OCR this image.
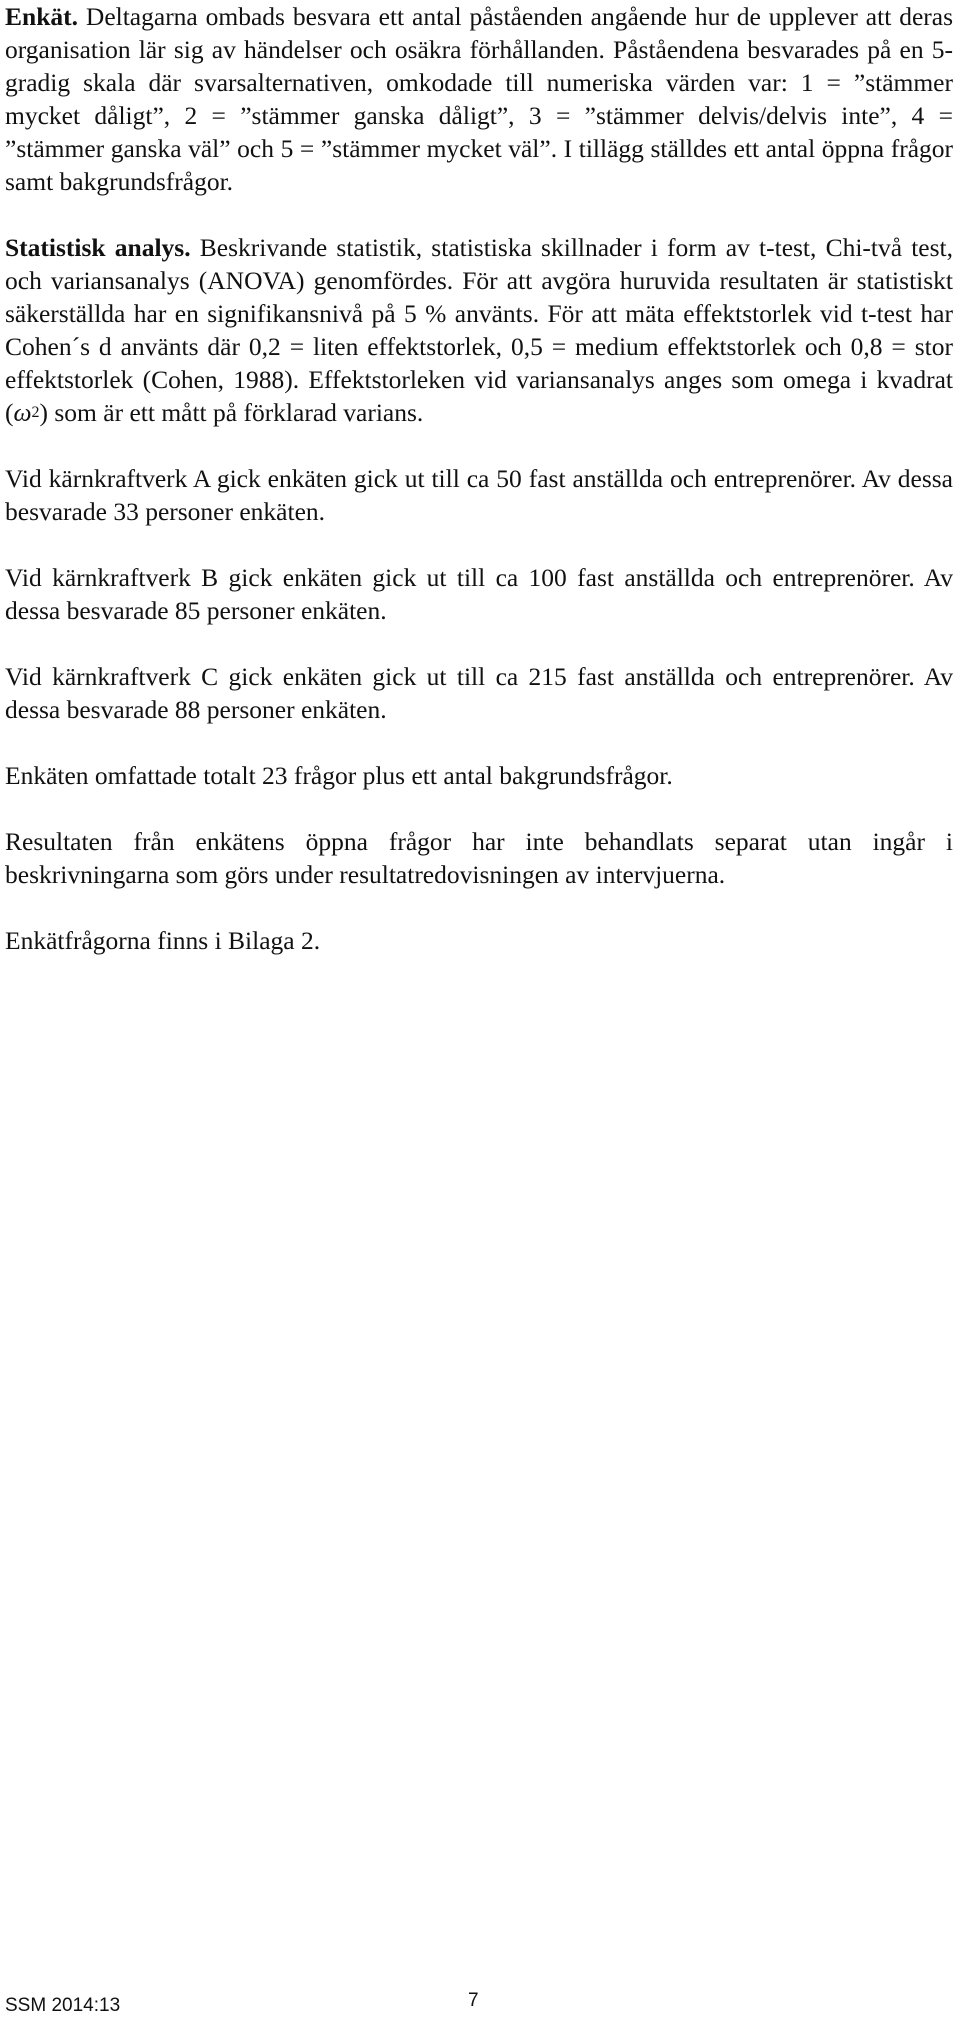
Enkät. Deltagarna ombads besvara ett antal påståenden angående hur de upplever att deras organisation lär sig av händelser och osäkra förhållanden. Påståendena besvarades på en 5-gradig skala där svarsalternativen, omkodade till numeriska värden var: 1 = ”stämmer mycket dåligt”, 2 = ”stämmer ganska dåligt”, 3 = ”stämmer delvis/delvis inte”, 4 = ”stämmer ganska väl” och 5 = ”stämmer mycket väl”. I tillägg ställdes ett antal öppna frågor samt bakgrundsfrågor.

Statistisk analys. Beskrivande statistik, statistiska skillnader i form av t-test, Chi-två test, och variansanalys (ANOVA) genomfördes. För att avgöra huruvida resultaten är statistiskt säkerställda har en signifikansnivå på 5 % använts. För att mäta effektstorlek vid t-test har Cohen´s d använts där 0,2 = liten effektstorlek, 0,5 = medium effektstorlek och 0,8 = stor effektstorlek (Cohen, 1988). Effektstorleken vid variansanalys anges som omega i kvadrat $(\omega^2)$ som är ett mått på förklarad varians.

Vid kärnkraftverk A gick enkäten gick ut till ca 50 fast anställda och entreprenörer. Av dessa besvarade 33 personer enkäten.

Vid kärnkraftverk B gick enkäten gick ut till ca 100 fast anställda och entreprenörer. Av dessa besvarade 85 personer enkäten.

Vid kärnkraftverk C gick enkäten gick ut till ca 215 fast anställda och entreprenörer. Av dessa besvarade 88 personer enkäten.

Enkäten omfattade totalt 23 frågor plus ett antal bakgrundsfrågor.

Resultaten från enkätens öppna frågor har inte behandlats separat utan ingår i beskrivningarna som görs under resultatredovisningen av intervjuerna.

Enkätfrågorna finns i Bilaga 2.

SSM 2014:13	7
